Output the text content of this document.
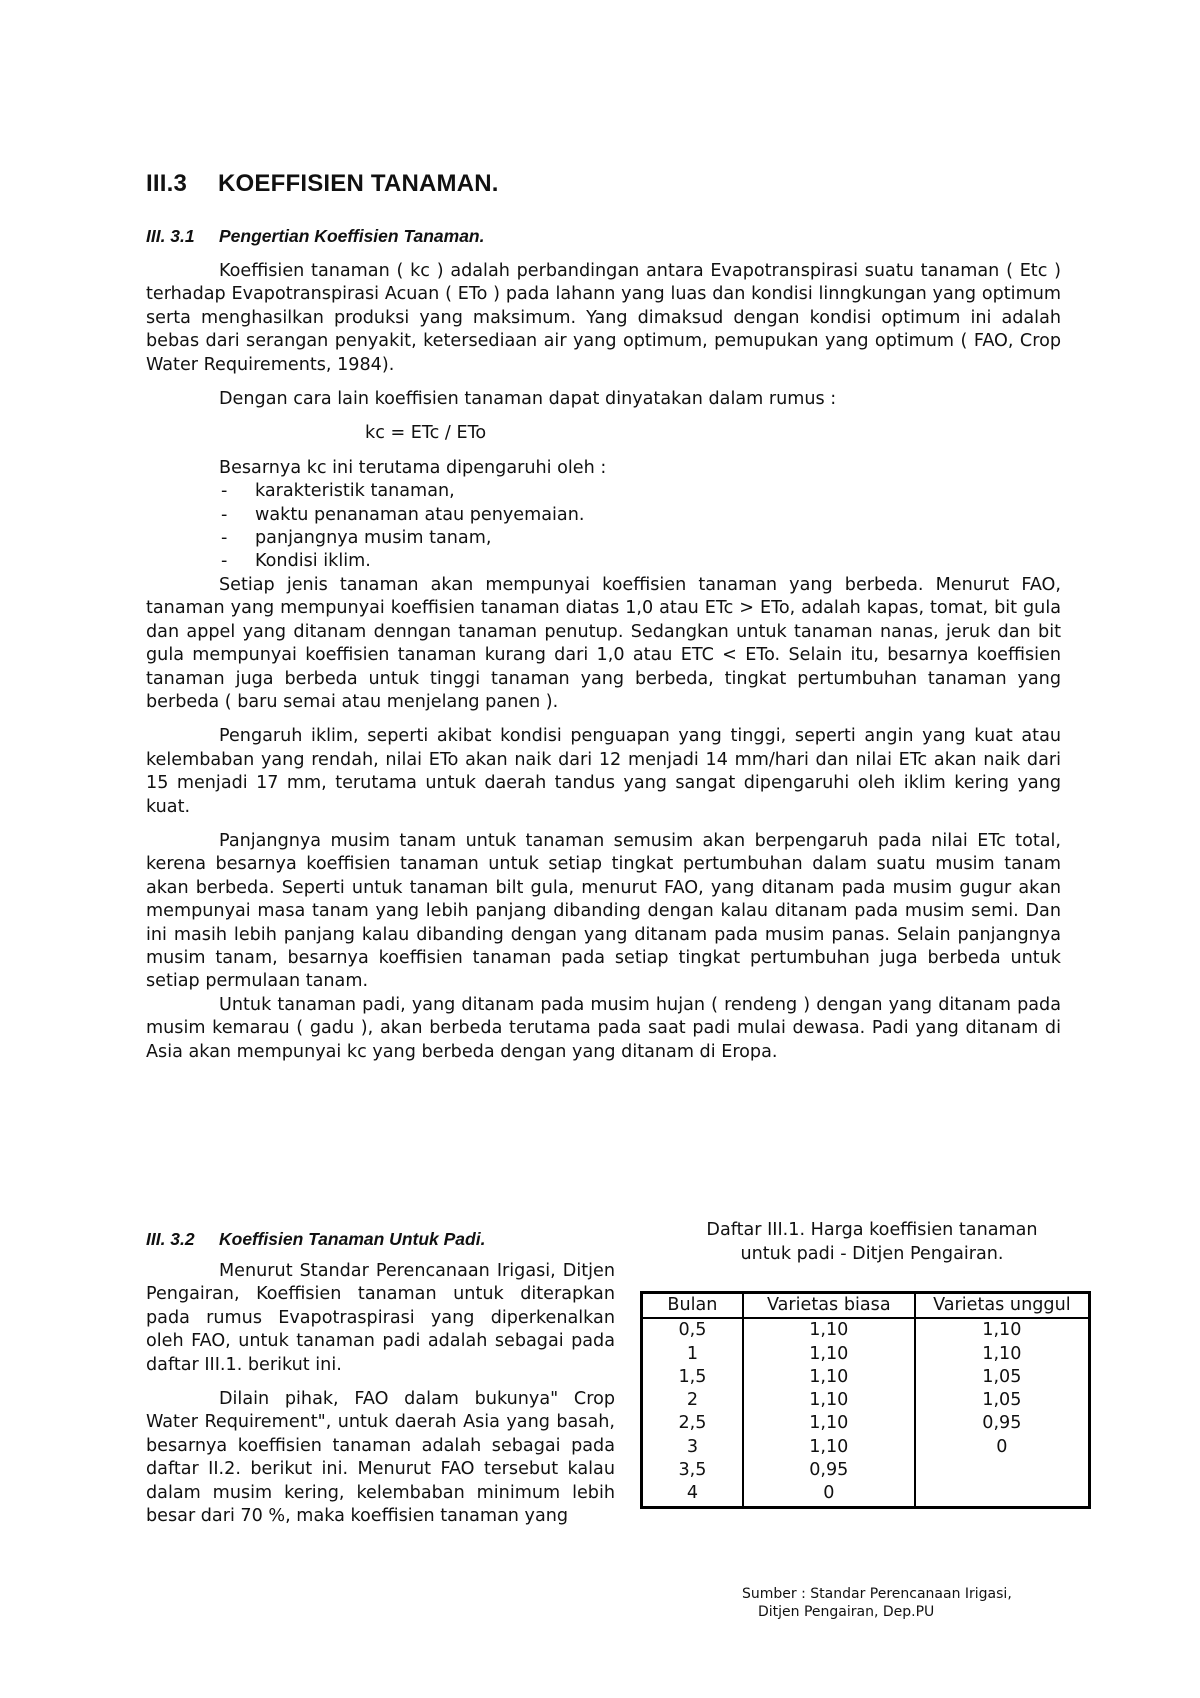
III.3 KOEFFISIEN TANAMAN.
III. 3.1 Pengertian Koeffisien Tanaman.

Koeffisien tanaman ( kc ) adalah perbandingan antara Evapotranspirasi suatu tanaman ( Etc ) terhadap Evapotranspirasi Acuan ( ETo ) pada lahann yang luas dan kondisi linngkungan yang optimum serta menghasilkan produksi yang maksimum. Yang dimaksud dengan kondisi optimum ini adalah bebas dari serangan penyakit, ketersediaan air yang optimum, pemupukan yang optimum ( FAO, Crop Water Requirements, 1984).

Dengan cara lain koeffisien tanaman dapat dinyatakan dalam rumus :

kc = ETc / ETo

Besarnya kc ini terutama dipengaruhi oleh :

- karakteristik tanaman,
- waktu penanaman atau penyemaian.
- panjangnya musim tanam,
- Kondisi iklim.

Setiap jenis tanaman akan mempunyai koeffisien tanaman yang berbeda. Menurut FAO, tanaman yang mempunyai koeffisien tanaman diatas 1,0 atau ETc > ETo, adalah kapas, tomat, bit gula dan appel yang ditanam denngan tanaman penutup. Sedangkan untuk tanaman nanas, jeruk dan bit gula mempunyai koeffisien tanaman kurang dari 1,0 atau ETC < ETo. Selain itu, besarnya koeffisien tanaman juga berbeda untuk tinggi tanaman yang berbeda, tingkat pertumbuhan tanaman yang berbeda ( baru semai atau menjelang panen ).

Pengaruh iklim, seperti akibat kondisi penguapan yang tinggi, seperti angin yang kuat atau kelembaban yang rendah, nilai ETo akan naik dari 12 menjadi 14 mm/hari dan nilai ETc akan naik dari 15 menjadi 17 mm, terutama untuk daerah tandus yang sangat dipengaruhi oleh iklim kering yang kuat.

Panjangnya musim tanam untuk tanaman semusim akan berpengaruh pada nilai ETc total, kerena besarnya koeffisien tanaman untuk setiap tingkat pertumbuhan dalam suatu musim tanam akan berbeda. Seperti untuk tanaman bilt gula, menurut FAO, yang ditanam pada musim gugur akan mempunyai masa tanam yang lebih panjang dibanding dengan kalau ditanam pada musim semi. Dan ini masih lebih panjang kalau dibanding dengan yang ditanam pada musim panas. Selain panjangnya musim tanam, besarnya koeffisien tanaman pada setiap tingkat pertumbuhan juga berbeda untuk setiap permulaan tanam.

Untuk tanaman padi, yang ditanam pada musim hujan ( rendeng ) dengan yang ditanam pada musim kemarau ( gadu ), akan berbeda terutama pada saat padi mulai dewasa. Padi yang ditanam di Asia akan mempunyai kc yang berbeda dengan yang ditanam di Eropa.

III. 3.2 Koeffisien Tanaman Untuk Padi.

Menurut Standar Perencanaan Irigasi, Ditjen Pengairan, Koeffisien tanaman untuk diterapkan pada rumus Evapotraspirasi yang diperkenalkan oleh FAO, untuk tanaman padi adalah sebagai pada daftar III.1. berikut ini.

Dilain pihak, FAO dalam bukunya" Crop Water Requirement", untuk daerah Asia yang basah, besarnya koeffisien tanaman adalah sebagai pada daftar II.2. berikut ini. Menurut FAO tersebut kalau dalam musim kering, kelembaban minimum lebih besar dari 70 %, maka koeffisien tanaman yang

Daftar III.1. Harga koeffisien tanaman
untuk padi - Ditjen Pengairan.
Bulan	Varietas biasa	Varietas unggul
0,5	1,10	1,10
1	1,10	1,10
1,5	1,10	1,05
2	1,10	1,05
2,5	1,10	0,95
3	1,10	0
3,5	0,95	
4	0	
Sumber : Standar Perencanaan Irigasi,
Ditjen Pengairan, Dep.PU
